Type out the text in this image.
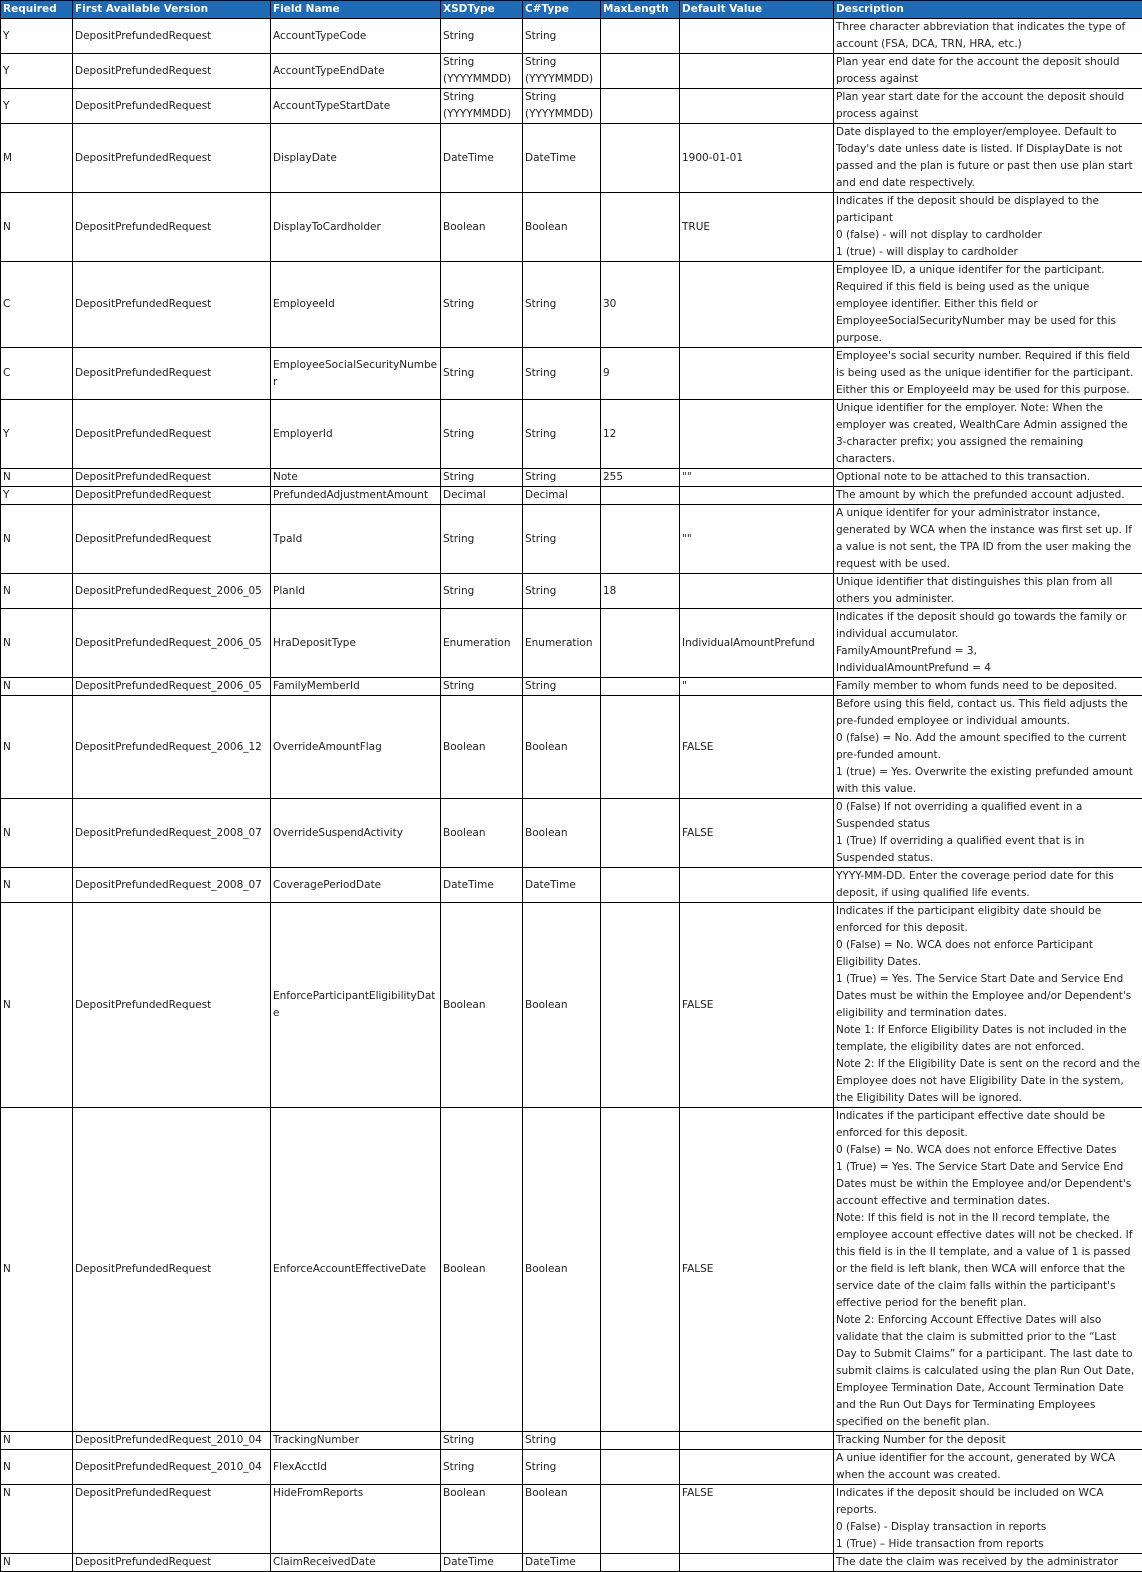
Required	First Available Version	Field Name	XSDType	C#Type	MaxLength	Default Value	Description
Y	DepositPrefundedRequest	AccountTypeCode	String	String			Three character abbreviation that indicates the type of account (FSA, DCA, TRN, HRA, etc.)
Y	DepositPrefundedRequest	AccountTypeEndDate	String (YYYYMMDD)	String (YYYYMMDD)			Plan year end date for the account the deposit should process against
Y	DepositPrefundedRequest	AccountTypeStartDate	String (YYYYMMDD)	String (YYYYMMDD)			Plan year start date for the account the deposit should process against
M	DepositPrefundedRequest	DisplayDate	DateTime	DateTime		1900-01-01	Date displayed to the employer/employee. Default to Today's date unless date is listed. If DisplayDate is not passed and the plan is future or past then use plan start and end date respectively.
N	DepositPrefundedRequest	DisplayToCardholder	Boolean	Boolean		TRUE	Indicates if the deposit should be displayed to the participant
0 (false) - will not display to cardholder
1 (true) - will display to cardholder
C	DepositPrefundedRequest	EmployeeId	String	String	30		Employee ID, a unique identifer for the participant. Required if this field is being used as the unique employee identifier. Either this field or EmployeeSocialSecurityNumber may be used for this purpose.
C	DepositPrefundedRequest	EmployeeSocialSecurityNumber	String	String	9		Employee's social security number. Required if this field is being used as the unique identifier for the participant. Either this or EmployeeId may be used for this purpose.
Y	DepositPrefundedRequest	EmployerId	String	String	12		Unique identifier for the employer. Note: When the employer was created, WealthCare Admin assigned the 3-character prefix; you assigned the remaining characters.
N	DepositPrefundedRequest	Note	String	String	255	""	Optional note to be attached to this transaction.
Y	DepositPrefundedRequest	PrefundedAdjustmentAmount	Decimal	Decimal			The amount by which the prefunded account adjusted.
N	DepositPrefundedRequest	TpaId	String	String		""	A unique identifer for your administrator instance, generated by WCA when the instance was first set up. If a value is not sent, the TPA ID from the user making the request with be used.
N	DepositPrefundedRequest_2006_05	PlanId	String	String	18		Unique identifier that distinguishes this plan from all others you administer.
N	DepositPrefundedRequest_2006_05	HraDepositType	Enumeration	Enumeration		IndividualAmountPrefund	Indicates if the deposit should go towards the family or individual accumulator.
FamilyAmountPrefund = 3,
IndividualAmountPrefund = 4
N	DepositPrefundedRequest_2006_05	FamilyMemberId	String	String		"	Family member to whom funds need to be deposited.
N	DepositPrefundedRequest_2006_12	OverrideAmountFlag	Boolean	Boolean		FALSE	Before using this field, contact us. This field adjusts the pre-funded employee or individual amounts.
0 (false) = No. Add the amount specified to the current pre-funded amount.
1 (true) = Yes. Overwrite the existing prefunded amount with this value.
N	DepositPrefundedRequest_2008_07	OverrideSuspendActivity	Boolean	Boolean		FALSE	0 (False) If not overriding a qualified event in a Suspended status
1 (True) If overriding a qualified event that is in Suspended status.
N	DepositPrefundedRequest_2008_07	CoveragePeriodDate	DateTime	DateTime			YYYY-MM-DD. Enter the coverage period date for this deposit, if using qualified life events.
N	DepositPrefundedRequest	EnforceParticipantEligibilityDate	Boolean	Boolean		FALSE	Indicates if the participant eligibity date should be enforced for this deposit.
0 (False) = No. WCA does not enforce Participant Eligibility Dates.
1 (True) = Yes. The Service Start Date and Service End Dates must be within the Employee and/or Dependent's eligibility and termination dates.
Note 1: If Enforce Eligibility Dates is not included in the template, the eligibility dates are not enforced.
Note 2: If the Eligibility Date is sent on the record and the Employee does not have Eligibility Date in the system, the Eligibility Dates will be ignored.
N	DepositPrefundedRequest	EnforceAccountEffectiveDate	Boolean	Boolean		FALSE	Indicates if the participant effective date should be enforced for this deposit.
0 (False) = No. WCA does not enforce Effective Dates
1 (True) = Yes. The Service Start Date and Service End Dates must be within the Employee and/or Dependent's account effective and termination dates.
Note: If this field is not in the II record template, the employee account effective dates will not be checked. If this field is in the II template, and a value of 1 is passed or the field is left blank, then WCA will enforce that the service date of the claim falls within the participant's effective period for the benefit plan.
Note 2: Enforcing Account Effective Dates will also validate that the claim is submitted prior to the “Last Day to Submit Claims” for a participant. The last date to submit claims is calculated using the plan Run Out Date, Employee Termination Date, Account Termination Date and the Run Out Days for Terminating Employees specified on the benefit plan.
N	DepositPrefundedRequest_2010_04	TrackingNumber	String	String			Tracking Number for the deposit
N	DepositPrefundedRequest_2010_04	FlexAcctId	String	String			A uniue identifier for the account, generated by WCA when the account was created.
N	DepositPrefundedRequest	HideFromReports	Boolean	Boolean		FALSE	Indicates if the deposit should be included on WCA reports.
0 (False) - Display transaction in reports
1 (True) – Hide transaction from reports
N	DepositPrefundedRequest	ClaimReceivedDate	DateTime	DateTime			The date the claim was received by the administrator
